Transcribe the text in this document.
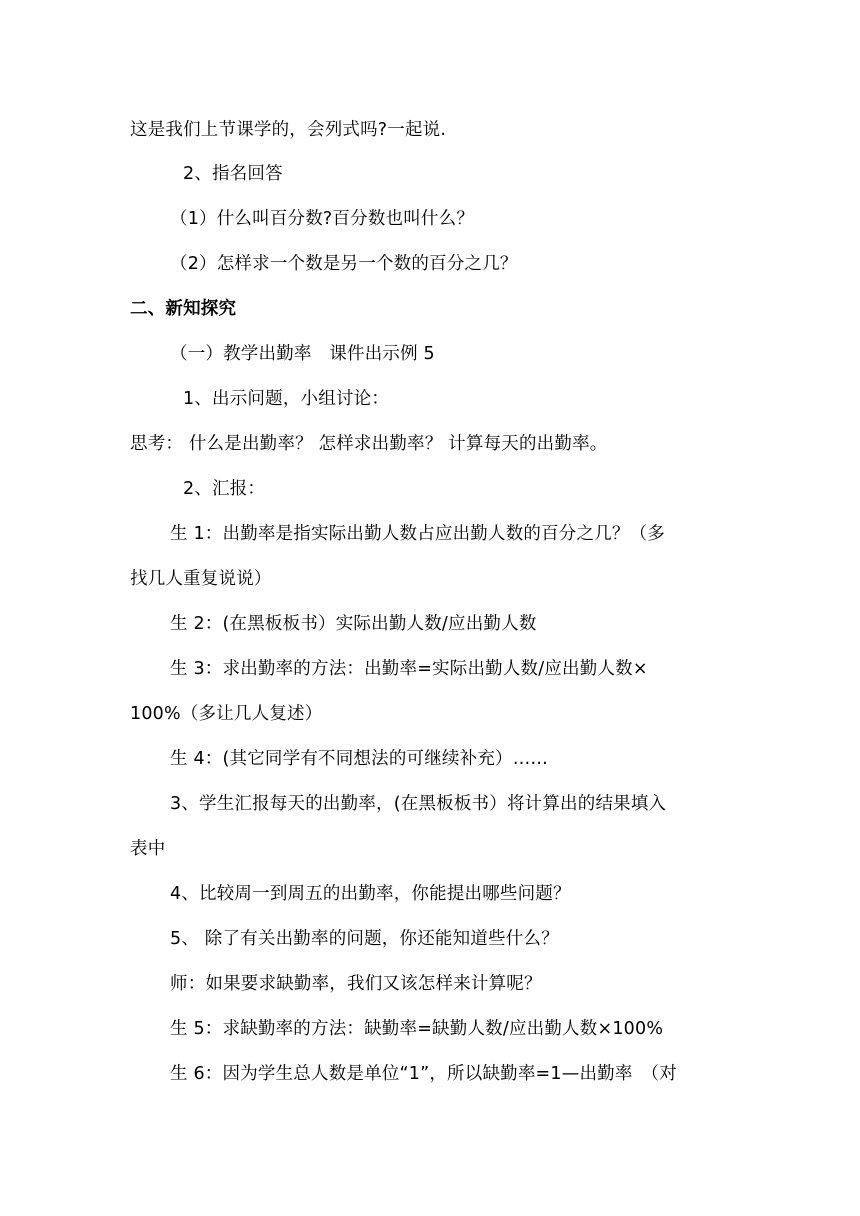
这是我们上节课学的，会列式吗?一起说.
2、指名回答
（1）什么叫百分数?百分数也叫什么？
（2）怎样求一个数是另一个数的百分之几？
二、新知探究
（一）教学出勤率　课件出示例 5
1、出示问题，小组讨论：
思考： 什么是出勤率？ 怎样求出勤率？ 计算每天的出勤率。
2、汇报：
生 1：出勤率是指实际出勤人数占应出勤人数的百分之几？（多
找几人重复说说）
生 2：(在黑板板书）实际出勤人数/应出勤人数
生 3：求出勤率的方法：出勤率=实际出勤人数/应出勤人数×
100%（多让几人复述）
生 4：(其它同学有不同想法的可继续补充）……
3、学生汇报每天的出勤率，(在黑板板书）将计算出的结果填入
表中
4、比较周一到周五的出勤率，你能提出哪些问题？
5、 除了有关出勤率的问题，你还能知道些什么？
师：如果要求缺勤率，我们又该怎样来计算呢？
生 5：求缺勤率的方法：缺勤率=缺勤人数/应出勤人数×100%
生 6：因为学生总人数是单位“1”，所以缺勤率=1—出勤率　（对
